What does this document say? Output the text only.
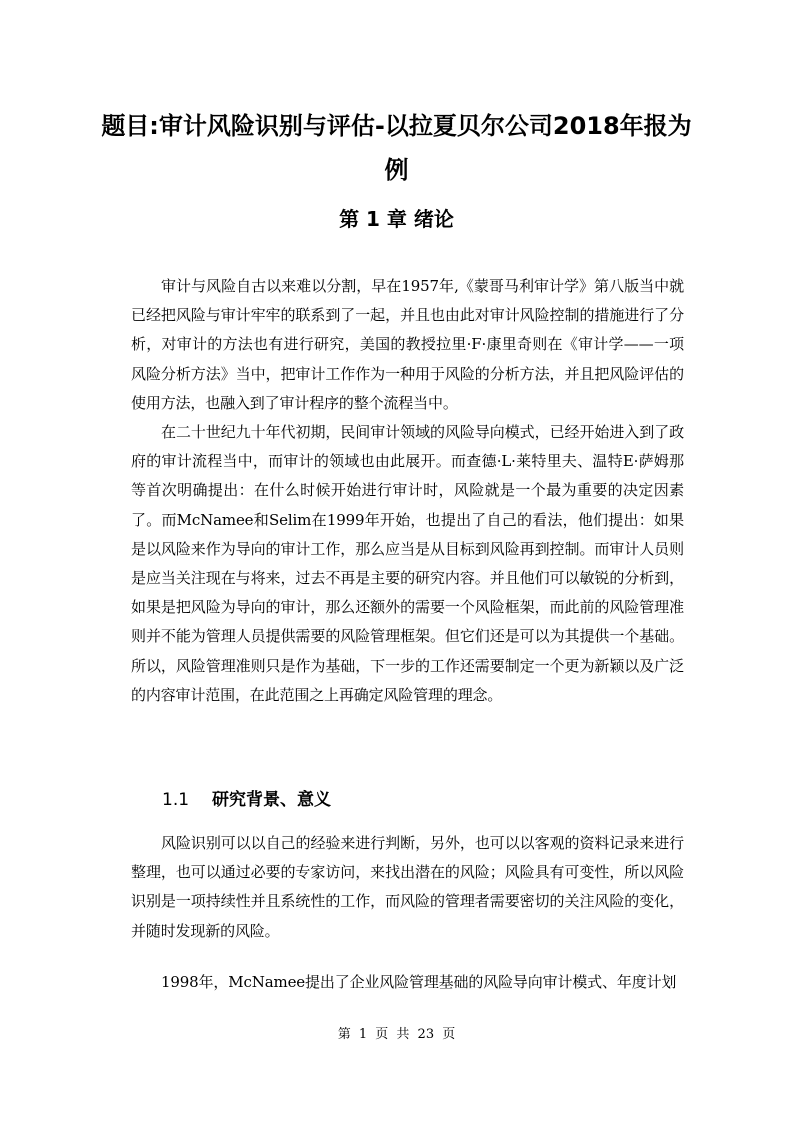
题目:审计风险识别与评估-以拉夏贝尔公司2018年报为例
第 1 章 绪论

审计与风险自古以来难以分割，早在1957年,《蒙哥马利审计学》第八版当中就已经把风险与审计牢牢的联系到了一起，并且也由此对审计风险控制的措施进行了分析，对审计的方法也有进行研究，美国的教授拉里·F·康里奇则在《审计学——一项风险分析方法》当中，把审计工作作为一种用于风险的分析方法，并且把风险评估的使用方法，也融入到了审计程序的整个流程当中。

在二十世纪九十年代初期，民间审计领域的风险导向模式，已经开始进入到了政府的审计流程当中，而审计的领域也由此展开。而查德·L·莱特里夫、温特E·萨姆那等首次明确提出：在什么时候开始进行审计时，风险就是一个最为重要的决定因素了。而McNamee和Selim在1999年开始，也提出了自己的看法，他们提出：如果是以风险来作为导向的审计工作，那么应当是从目标到风险再到控制。而审计人员则是应当关注现在与将来，过去不再是主要的研究内容。并且他们可以敏锐的分析到，如果是把风险为导向的审计，那么还额外的需要一个风险框架，而此前的风险管理准则并不能为管理人员提供需要的风险管理框架。但它们还是可以为其提供一个基础。所以，风险管理准则只是作为基础，下一步的工作还需要制定一个更为新颖以及广泛的内容审计范围，在此范围之上再确定风险管理的理念。

1.1 研究背景、意义

风险识别可以以自己的经验来进行判断，另外，也可以以客观的资料记录来进行整理，也可以通过必要的专家访问，来找出潜在的风险；风险具有可变性，所以风险识别是一项持续性并且系统性的工作，而风险的管理者需要密切的关注风险的变化，并随时发现新的风险。

1998年，McNamee提出了企业风险管理基础的风险导向审计模式、年度计划

第 1 页 共 23 页
